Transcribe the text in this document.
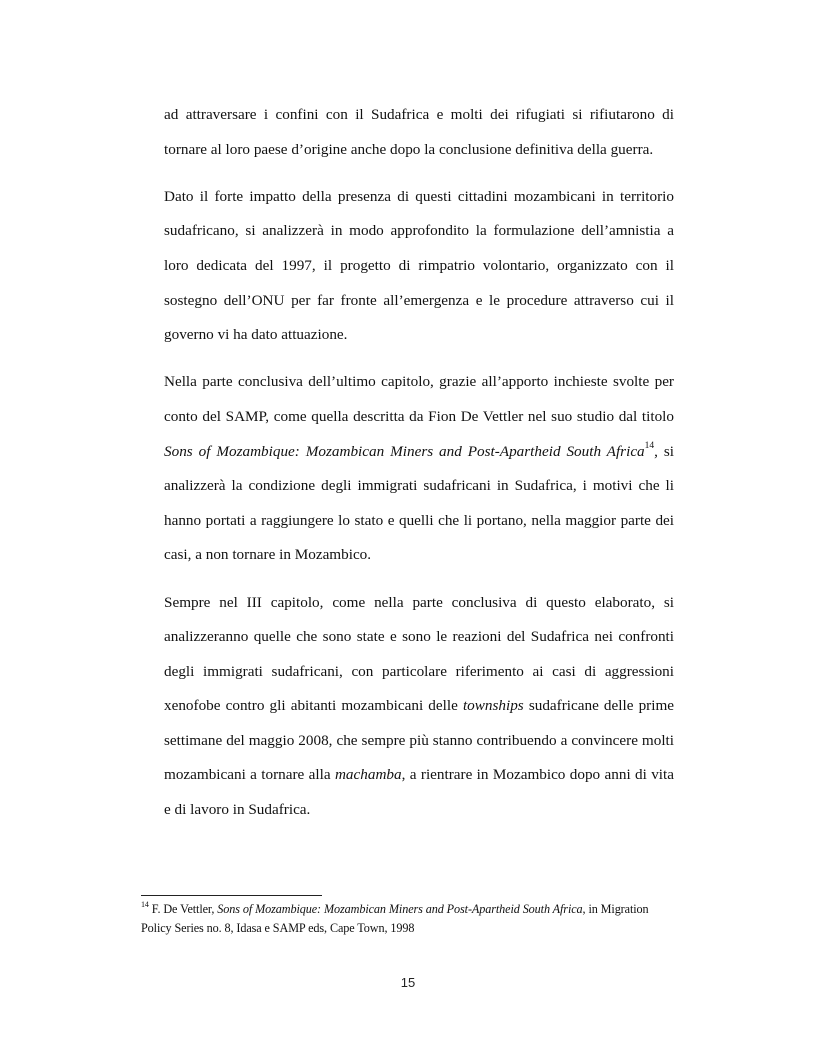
ad attraversare i confini con il Sudafrica e molti dei rifugiati si rifiutarono di tornare al loro paese d’origine anche dopo la conclusione definitiva della guerra.

Dato il forte impatto della presenza di questi cittadini mozambicani in territorio sudafricano, si analizzerà in modo approfondito la formulazione dell’amnistia a loro dedicata del 1997, il progetto di rimpatrio volontario, organizzato con il sostegno dell’ONU per far fronte all’emergenza e le procedure attraverso cui il governo vi ha dato attuazione.

Nella parte conclusiva dell’ultimo capitolo, grazie all’apporto inchieste svolte per conto del SAMP, come quella descritta da Fion De Vettler nel suo studio dal titolo Sons of Mozambique: Mozambican Miners and Post-Apartheid South Africa$^{14}$, si analizzerà la condizione degli immigrati sudafricani in Sudafrica, i motivi che li hanno portati a raggiungere lo stato e quelli che li portano, nella maggior parte dei casi, a non tornare in Mozambico.

Sempre nel III capitolo, come nella parte conclusiva di questo elaborato, si analizzeranno quelle che sono state e sono le reazioni del Sudafrica nei confronti degli immigrati sudafricani, con particolare riferimento ai casi di aggressioni xenofobe contro gli abitanti mozambicani delle townships sudafricane delle prime settimane del maggio 2008, che sempre più stanno contribuendo a convincere molti mozambicani a tornare alla machamba, a rientrare in Mozambico dopo anni di vita e di lavoro in Sudafrica.

$^{14}$ F. De Vettler, Sons of Mozambique: Mozambican Miners and Post-Apartheid South Africa, in Migration Policy Series no. 8, Idasa e SAMP eds, Cape Town, 1998
15
